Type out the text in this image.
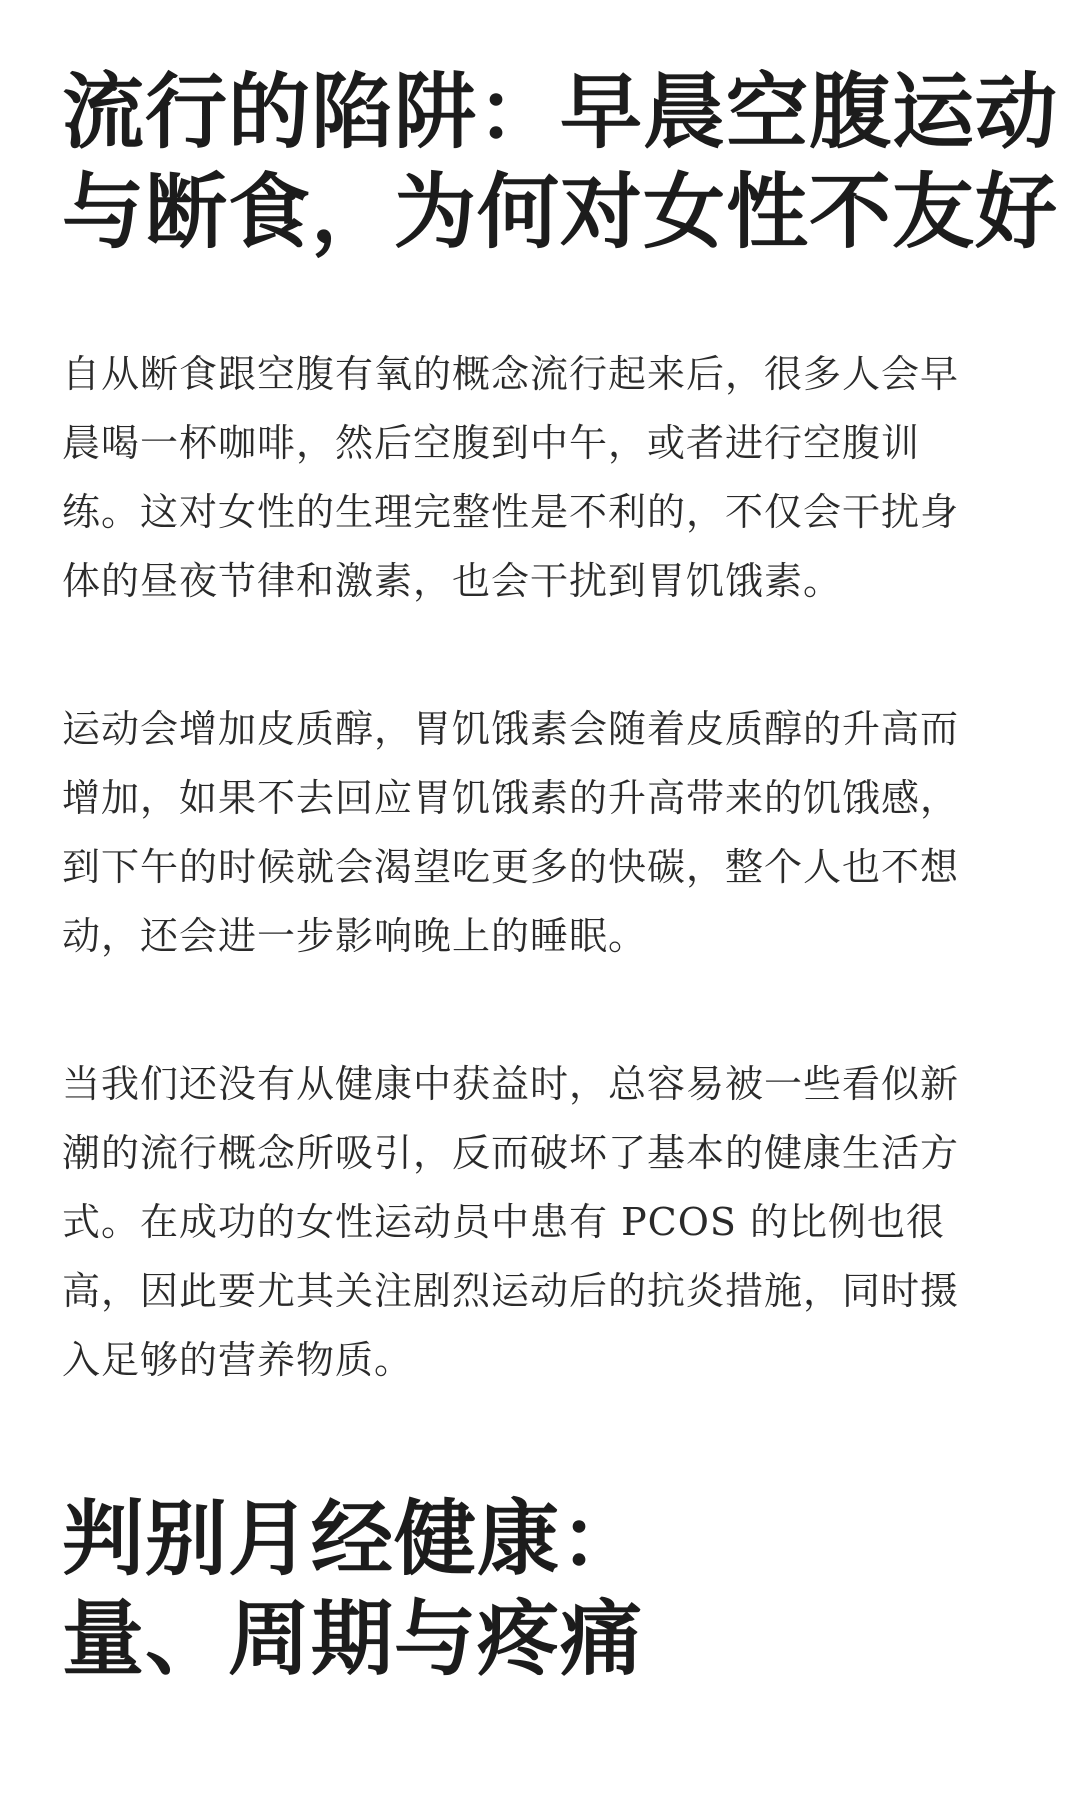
流行的陷阱：早晨空腹运动
与断食，为何对女性不友好

自从断食跟空腹有氧的概念流行起来后，很多人会早
晨喝一杯咖啡，然后空腹到中午，或者进行空腹训
练。这对女性的生理完整性是不利的，不仅会干扰身
体的昼夜节律和激素，也会干扰到胃饥饿素。

运动会增加皮质醇，胃饥饿素会随着皮质醇的升高而
增加，如果不去回应胃饥饿素的升高带来的饥饿感，
到下午的时候就会渴望吃更多的快碳，整个人也不想
动，还会进一步影响晚上的睡眠。

当我们还没有从健康中获益时，总容易被一些看似新
潮的流行概念所吸引，反而破坏了基本的健康生活方
式。在成功的女性运动员中患有 PCOS 的比例也很
高，因此要尤其关注剧烈运动后的抗炎措施，同时摄
入足够的营养物质。

判别月经健康：
量、周期与疼痛
